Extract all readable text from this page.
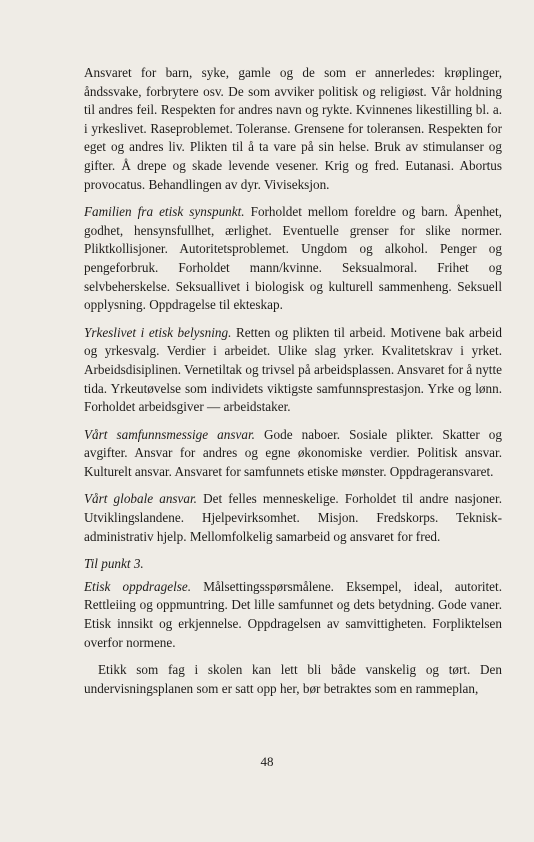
Ansvaret for barn, syke, gamle og de som er annerledes: krøplinger, åndssvake, forbrytere osv. De som avviker politisk og religiøst. Vår holdning til andres feil. Respekten for andres navn og rykte. Kvinnenes likestilling bl. a. i yrkeslivet. Raseproblemet. Toleranse. Grensene for toleransen. Respekten for eget og andres liv. Plikten til å ta vare på sin helse. Bruk av stimulanser og gifter. Å drepe og skade levende vesener. Krig og fred. Eutanasi. Abortus provocatus. Behandlingen av dyr. Viviseksjon.

Familien fra etisk synspunkt. Forholdet mellom foreldre og barn. Åpenhet, godhet, hensynsfullhet, ærlighet. Eventuelle grenser for slike normer. Pliktkollisjoner. Autoritetsproblemet. Ungdom og alkohol. Penger og pengeforbruk. Forholdet mann/kvinne. Seksualmoral. Frihet og selvbeherskelse. Seksuallivet i biologisk og kulturell sammenheng. Seksuell opplysning. Oppdragelse til ekteskap.

Yrkeslivet i etisk belysning. Retten og plikten til arbeid. Motivene bak arbeid og yrkesvalg. Verdier i arbeidet. Ulike slag yrker. Kvalitetskrav i yrket. Arbeidsdisiplinen. Vernetiltak og trivsel på arbeidsplassen. Ansvaret for å nytte tida. Yrkeutøvelse som individets viktigste samfunnsprestasjon. Yrke og lønn. Forholdet arbeidsgiver — arbeidstaker.

Vårt samfunnsmessige ansvar. Gode naboer. Sosiale plikter. Skatter og avgifter. Ansvar for andres og egne økonomiske verdier. Politisk ansvar. Kulturelt ansvar. Ansvaret for samfunnets etiske mønster. Oppdrageransvaret.

Vårt globale ansvar. Det felles menneskelige. Forholdet til andre nasjoner. Utviklingslandene. Hjelpevirksomhet. Misjon. Fredskorps. Teknisk-administrativ hjelp. Mellomfolkelig samarbeid og ansvaret for fred.

Til punkt 3.

Etisk oppdragelse. Målsettingsspørsmålene. Eksempel, ideal, autoritet. Rettleiing og oppmuntring. Det lille samfunnet og dets betydning. Gode vaner. Etisk innsikt og erkjennelse. Oppdragelsen av samvittigheten. Forpliktelsen overfor normene.

Etikk som fag i skolen kan lett bli både vanskelig og tørt. Den undervisningsplanen som er satt opp her, bør betraktes som en rammeplan,

48
